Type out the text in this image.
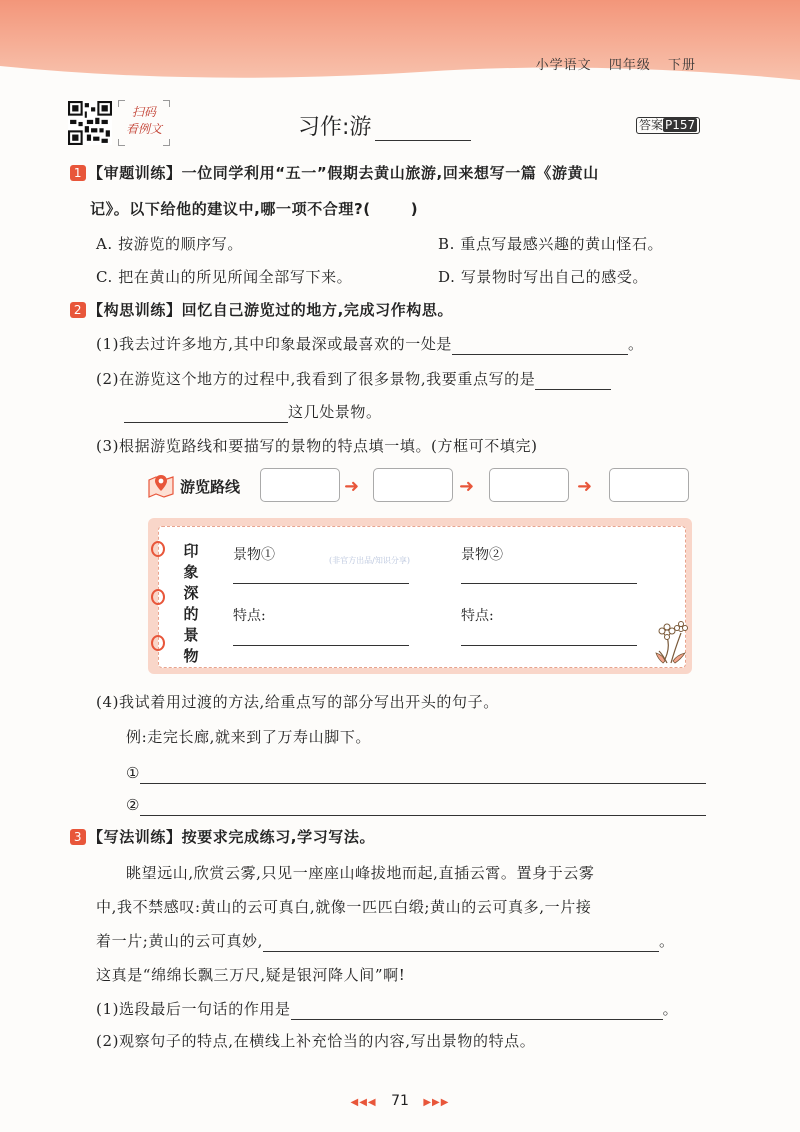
小学语文 四年级 下册
扫码
看例文	习作:游	答案 P157
1 【审题训练】一位同学利用“五一”假期去黄山旅游,回来想写一篇《游黄山
记》。以下给他的建议中,哪一项不合理?(	)
A. 按游览的顺序写。	B. 重点写最感兴趣的黄山怪石。
C. 把在黄山的所见所闻全部写下来。	D. 写景物时写出自己的感受。
2 【构思训练】回忆自己游览过的地方,完成习作构思。
(1)我去过许多地方,其中印象最深或最喜欢的一处是	。
(2)在游览这个地方的过程中,我看到了很多景物,我要重点写的是
这几处景物。
(3)根据游览路线和要描写的景物的特点填一填。(方框可不填完)
游览路线	➜	➜	➜
印
象
深
的
景
物
景物①	(非官方出品/知识分享)	景物②
特点:	特点:
(4)我试着用过渡的方法,给重点写的部分写出开头的句子。
例:走完长廊,就来到了万寿山脚下。
①
②
3 【写法训练】按要求完成练习,学习写法。
眺望远山,欣赏云雾,只见一座座山峰拔地而起,直插云霄。置身于云雾
中,我不禁感叹:黄山的云可真白,就像一匹匹白缎;黄山的云可真多,一片接
着一片;黄山的云可真妙,	。
这真是“绵绵长飘三万尺,疑是银河降人间”啊!
(1)选段最后一句话的作用是	。
(2)观察句子的特点,在横线上补充恰当的内容,写出景物的特点。
◀◀◀ 71 ▶▶▶
